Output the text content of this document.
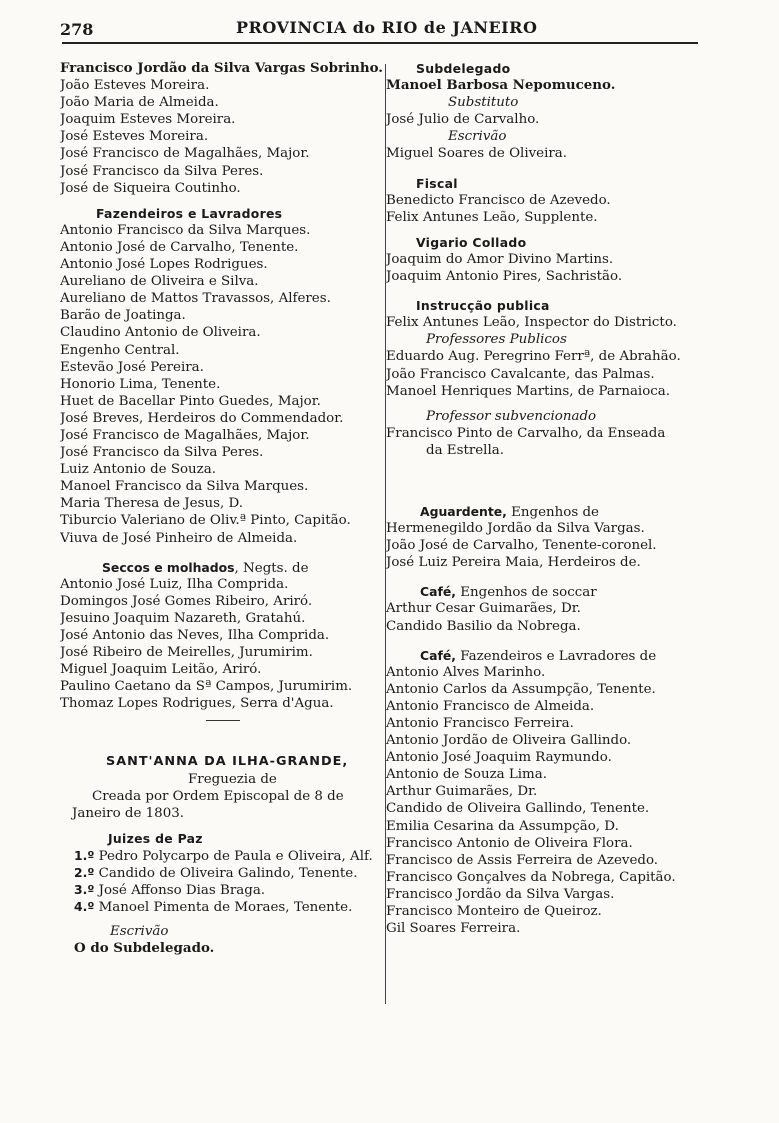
278	PROVINCIA do RIO de JANEIRO
Francisco Jordão da Silva Vargas Sobrinho.
João Esteves Moreira.
João Maria de Almeida.
Joaquim Esteves Moreira.
José Esteves Moreira.
José Francisco de Magalhães, Major.
José Francisco da Silva Peres.
José de Siqueira Coutinho.
Fazendeiros e Lavradores
Antonio Francisco da Silva Marques.
Antonio José de Carvalho, Tenente.
Antonio José Lopes Rodrigues.
Aureliano de Oliveira e Silva.
Aureliano de Mattos Travassos, Alferes.
Barão de Joatinga.
Claudino Antonio de Oliveira.
Engenho Central.
Estevão José Pereira.
Honorio Lima, Tenente.
Huet de Bacellar Pinto Guedes, Major.
José Breves, Herdeiros do Commendador.
José Francisco de Magalhães, Major.
José Francisco da Silva Peres.
Luiz Antonio de Souza.
Manoel Francisco da Silva Marques.
Maria Theresa de Jesus, D.
Tiburcio Valeriano de Oliv.ª Pinto, Capitão.
Viuva de José Pinheiro de Almeida.
Seccos e molhados, Negts. de
Antonio José Luiz, Ilha Comprida.
Domingos José Gomes Ribeiro, Ariró.
Jesuino Joaquim Nazareth, Gratahú.
José Antonio das Neves, Ilha Comprida.
José Ribeiro de Meirelles, Jurumirim.
Miguel Joaquim Leitão, Ariró.
Paulino Caetano da Sª Campos, Jurumirim.
Thomaz Lopes Rodrigues, Serra d'Agua.
SANT'ANNA DA ILHA-GRANDE,
Freguezia de
Creada por Ordem Episcopal de 8 de
Janeiro de 1803.
Juizes de Paz
1.º Pedro Polycarpo de Paula e Oliveira, Alf.
2.º Candido de Oliveira Galindo, Tenente.
3.º José Affonso Dias Braga.
4.º Manoel Pimenta de Moraes, Tenente.
Escrivão
O do Subdelegado.
Subdelegado
Manoel Barbosa Nepomuceno.
Substituto
José Julio de Carvalho.
Escrivão
Miguel Soares de Oliveira.
Fiscal
Benedicto Francisco de Azevedo.
Felix Antunes Leão, Supplente.
Vigario Collado
Joaquim do Amor Divino Martins.
Joaquim Antonio Pires, Sachristão.
Instrucção publica
Felix Antunes Leão, Inspector do Districto.
Professores Publicos
Eduardo Aug. Peregrino Ferrª, de Abrahão.
João Francisco Cavalcante, das Palmas.
Manoel Henriques Martins, de Parnaioca.
Professor subvencionado
Francisco Pinto de Carvalho, da Enseada
da Estrella.
Aguardente, Engenhos de
Hermenegildo Jordão da Silva Vargas.
João José de Carvalho, Tenente-coronel.
José Luiz Pereira Maia, Herdeiros de.
Café, Engenhos de soccar
Arthur Cesar Guimarães, Dr.
Candido Basilio da Nobrega.
Café, Fazendeiros e Lavradores de
Antonio Alves Marinho.
Antonio Carlos da Assumpção, Tenente.
Antonio Francisco de Almeida.
Antonio Francisco Ferreira.
Antonio Jordão de Oliveira Gallindo.
Antonio José Joaquim Raymundo.
Antonio de Souza Lima.
Arthur Guimarães, Dr.
Candido de Oliveira Gallindo, Tenente.
Emilia Cesarina da Assumpção, D.
Francisco Antonio de Oliveira Flora.
Francisco de Assis Ferreira de Azevedo.
Francisco Gonçalves da Nobrega, Capitão.
Francisco Jordão da Silva Vargas.
Francisco Monteiro de Queiroz.
Gil Soares Ferreira.
